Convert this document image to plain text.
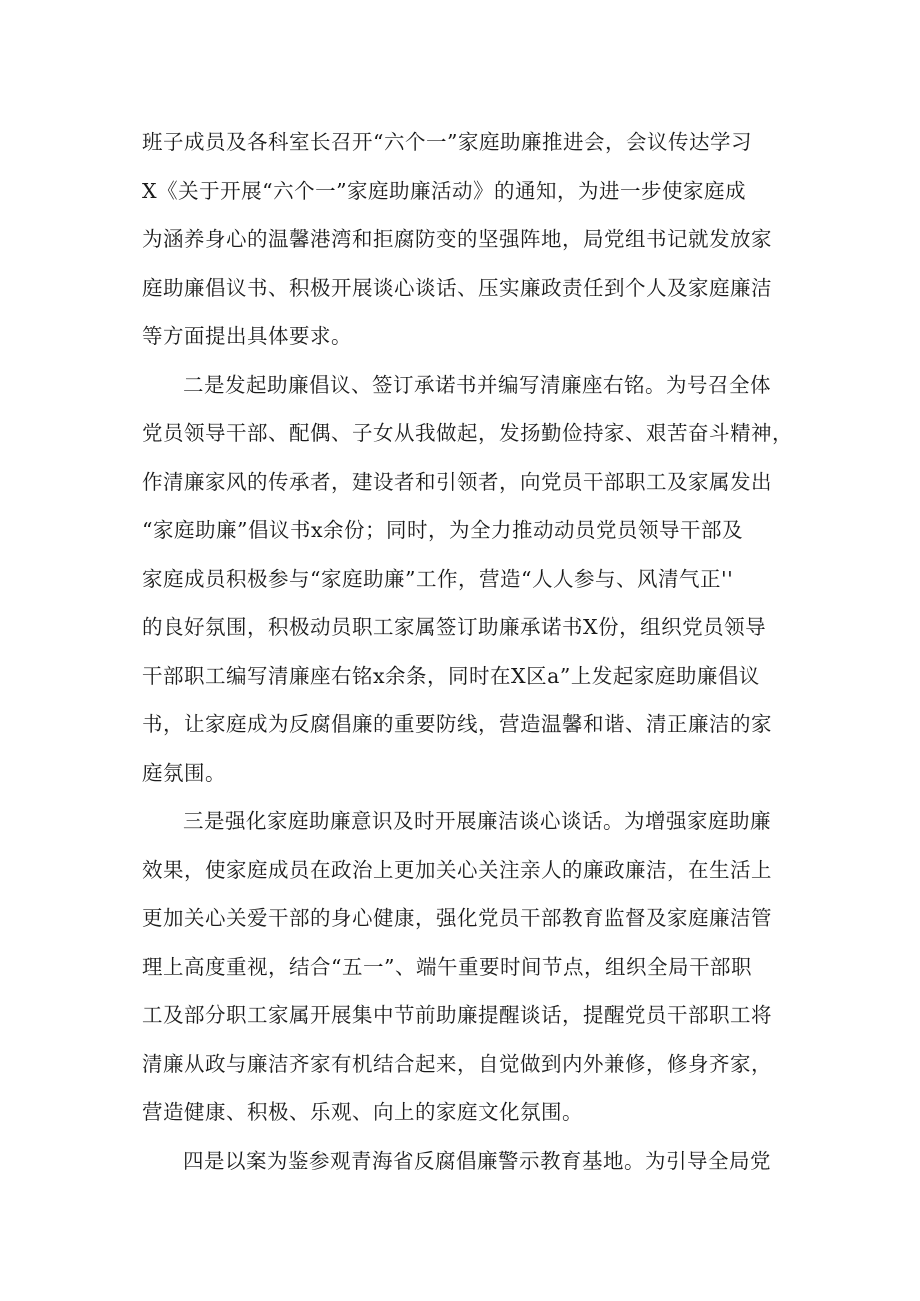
班子成员及各科室长召开“六个一”家庭助廉推进会，会议传达学习
X《关于开展“六个一”家庭助廉活动》的通知，为进一步使家庭成
为涵养身心的温馨港湾和拒腐防变的坚强阵地，局党组书记就发放家
庭助廉倡议书、积极开展谈心谈话、压实廉政责任到个人及家庭廉洁
等方面提出具体要求。
二是发起助廉倡议、签订承诺书并编写清廉座右铭。为号召全体
党员领导干部、配偶、子女从我做起，发扬勤俭持家、艰苦奋斗精神，
作清廉家风的传承者，建设者和引领者，向党员干部职工及家属发出
“家庭助廉”倡议书x余份；同时，为全力推动动员党员领导干部及
家庭成员积极参与“家庭助廉”工作，营造“人人参与、风清气正''
的良好氛围，积极动员职工家属签订助廉承诺书X份，组织党员领导
干部职工编写清廉座右铭x余条，同时在X区a”上发起家庭助廉倡议
书，让家庭成为反腐倡廉的重要防线，营造温馨和谐、清正廉洁的家
庭氛围。
三是强化家庭助廉意识及时开展廉洁谈心谈话。为增强家庭助廉
效果，使家庭成员在政治上更加关心关注亲人的廉政廉洁，在生活上
更加关心关爱干部的身心健康，强化党员干部教育监督及家庭廉洁管
理上高度重视，结合“五一”、端午重要时间节点，组织全局干部职
工及部分职工家属开展集中节前助廉提醒谈话，提醒党员干部职工将
清廉从政与廉洁齐家有机结合起来，自觉做到内外兼修，修身齐家，
营造健康、积极、乐观、向上的家庭文化氛围。
四是以案为鉴参观青海省反腐倡廉警示教育基地。为引导全局党
